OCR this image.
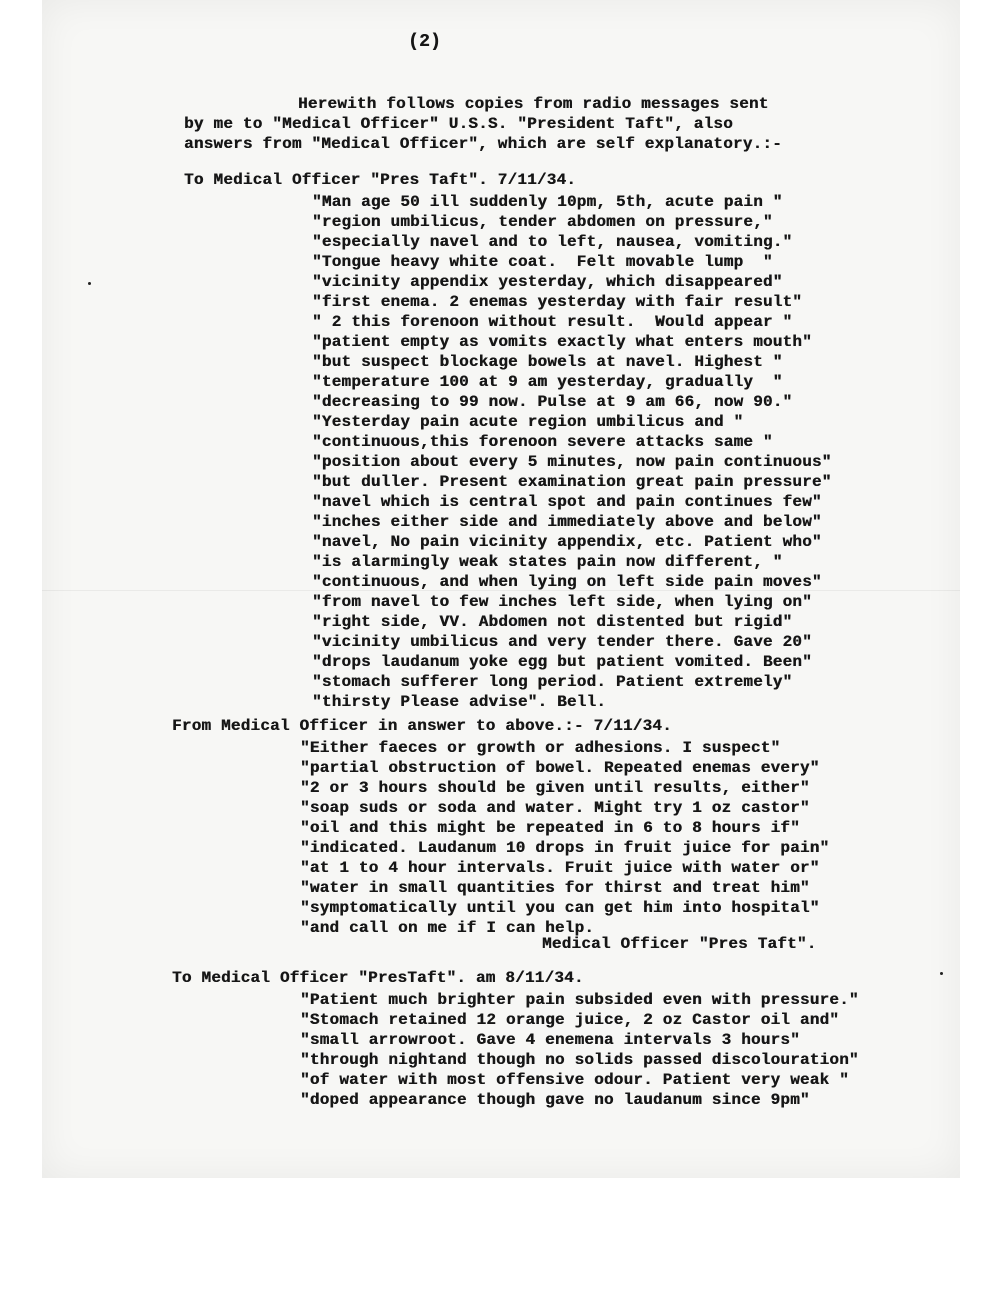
(2)
Herewith follows copies from radio messages sent
by me to "Medical Officer" U.S.S. "President Taft", also
answers from "Medical Officer", which are self explanatory.:-
To Medical Officer "Pres Taft". 7/11/34.
"Man age 50 ill suddenly 10pm, 5th, acute pain "
"region umbilicus, tender abdomen on pressure,"
"especially navel and to left, nausea, vomiting."
"Tongue heavy white coat.  Felt movable lump  "
"vicinity appendix yesterday, which disappeared"
"first enema. 2 enemas yesterday with fair result"
" 2 this forenoon without result.  Would appear "
"patient empty as vomits exactly what enters mouth"
"but suspect blockage bowels at navel. Highest "
"temperature 100 at 9 am yesterday, gradually  "
"decreasing to 99 now. Pulse at 9 am 66, now 90."
"Yesterday pain acute region umbilicus and "
"continuous,this forenoon severe attacks same "
"position about every 5 minutes, now pain continuous"
"but duller. Present examination great pain pressure"
"navel which is central spot and pain continues few"
"inches either side and immediately above and below"
"navel, No pain vicinity appendix, etc. Patient who"
"is alarmingly weak states pain now different, "
"continuous, and when lying on left side pain moves"
"from navel to few inches left side, when lying on"
"right side, VV. Abdomen not distented but rigid"
"vicinity umbilicus and very tender there. Gave 20"
"drops laudanum yoke egg but patient vomited. Been"
"stomach sufferer long period. Patient extremely"
"thirsty Please advise". Bell.
From Medical Officer in answer to above.:- 7/11/34.
"Either faeces or growth or adhesions. I suspect"
"partial obstruction of bowel. Repeated enemas every"
"2 or 3 hours should be given until results, either"
"soap suds or soda and water. Might try 1 oz castor"
"oil and this might be repeated in 6 to 8 hours if"
"indicated. Laudanum 10 drops in fruit juice for pain"
"at 1 to 4 hour intervals. Fruit juice with water or"
"water in small quantities for thirst and treat him"
"symptomatically until you can get him into hospital"
"and call on me if I can help.
Medical Officer "Pres Taft".
To Medical Officer "PresTaft". am 8/11/34.
"Patient much brighter pain subsided even with pressure."
"Stomach retained 12 orange juice, 2 oz Castor oil and"
"small arrowroot. Gave 4 enemena intervals 3 hours"
"through nightand though no solids passed discolouration"
"of water with most offensive odour. Patient very weak "
"doped appearance though gave no laudanum since 9pm"
